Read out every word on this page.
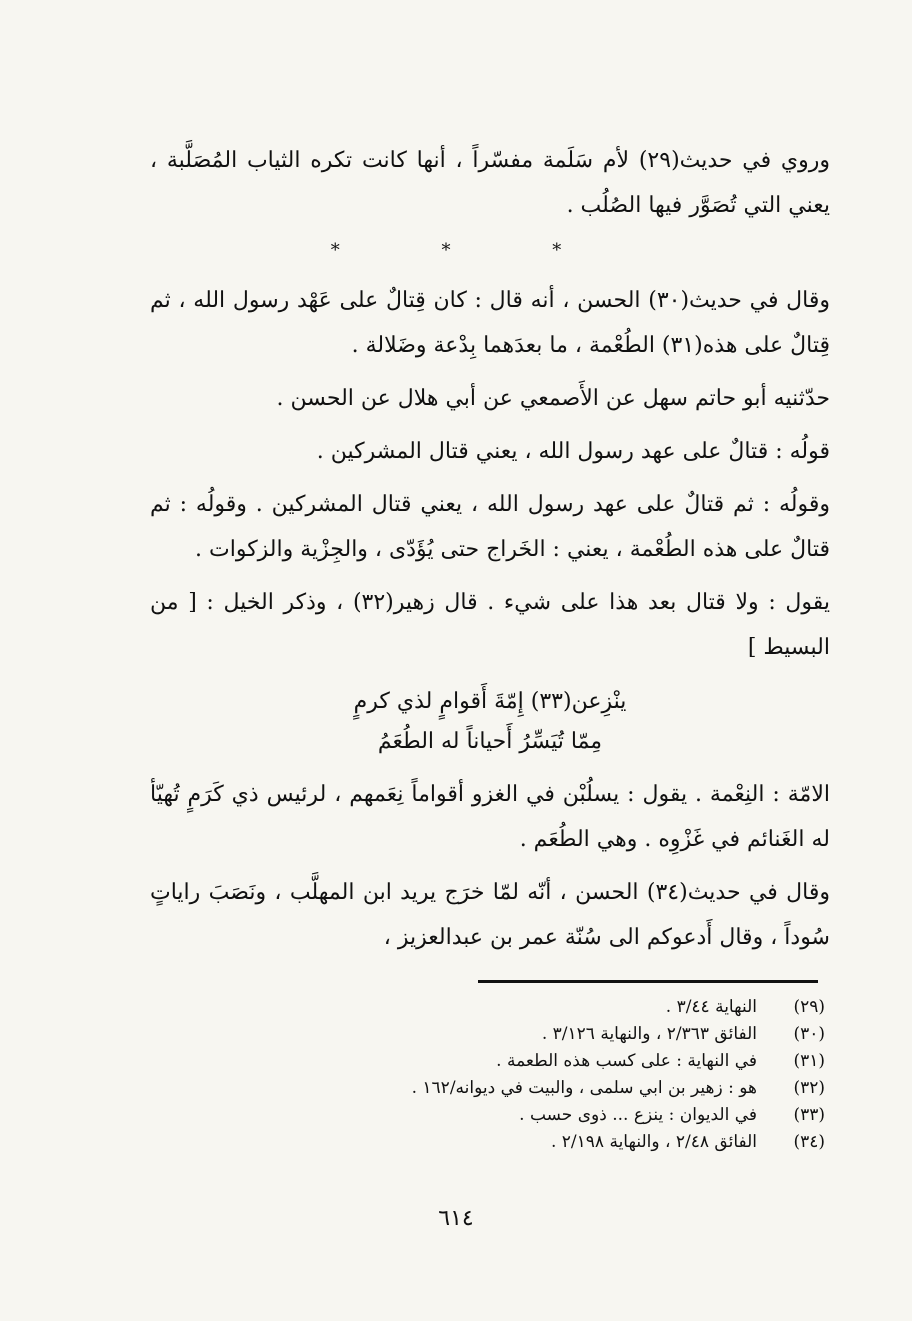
وروي في حديث(٢٩) لأم سَلَمة مفسّراً ، أنها كانت تكره الثياب المُصَلَّبة ، يعني التي تُصَوَّر فيها الصُلُب .

* * *

وقال في حديث(٣٠) الحسن ، أنه قال : كان قِتالٌ على عَهْد رسول الله ، ثم قِتالٌ على هذه(٣١) الطُعْمة ، ما بعدَهما بِدْعة وضَلالة .

حدّثنيه أبو حاتم سهل عن الأَصمعي عن أبي هلال عن الحسن .

قولُه : قتالٌ على عهد رسول الله ، يعني قتال المشركين .

وقولُه : ثم قتالٌ على عهد رسول الله ، يعني قتال المشركين . وقولُه : ثم قتالٌ على هذه الطُعْمة ، يعني : الخَراج حتى يُؤَدّى ، والجِزْية والزكوات .

يقول : ولا قتال بعد هذا على شيء . قال زهير(٣٢) ، وذكر الخيل : [ من البسيط ]

ينْزِعن(٣٣) إِمّةَ أَقوامٍ لذي كرمٍ
مِمّا تُيَسِّرُ أَحياناً له الطُعَمُ

الامّة : النِعْمة . يقول : يسلُبْن في الغزو أقواماً نِعَمهم ، لرئيس ذي كَرَمٍ تُهيّأ له الغَنائم في غَزْوِه . وهي الطُعَم .

وقال في حديث(٣٤) الحسن ، أنّه لمّا خرَج يريد ابن المهلَّب ، ونَصَبَ راياتٍ سُوداً ، وقال أَدعوكم الى سُنّة عمر بن عبدالعزيز ،

(٢٩)
النهاية ٣/٤٤ .
(٣٠)
الفائق ٢/٣٦٣ ، والنهاية ٣/١٢٦ .
(٣١)
في النهاية : على كسب هذه الطعمة .
(٣٢)
هو : زهير بن ابي سلمى ، والبيت في ديوانه/١٦٢ .
(٣٣)
في الديوان : ينزع ... ذوى حسب .
(٣٤)
الفائق ٢/٤٨ ، والنهاية ٢/١٩٨ .
٦١٤
